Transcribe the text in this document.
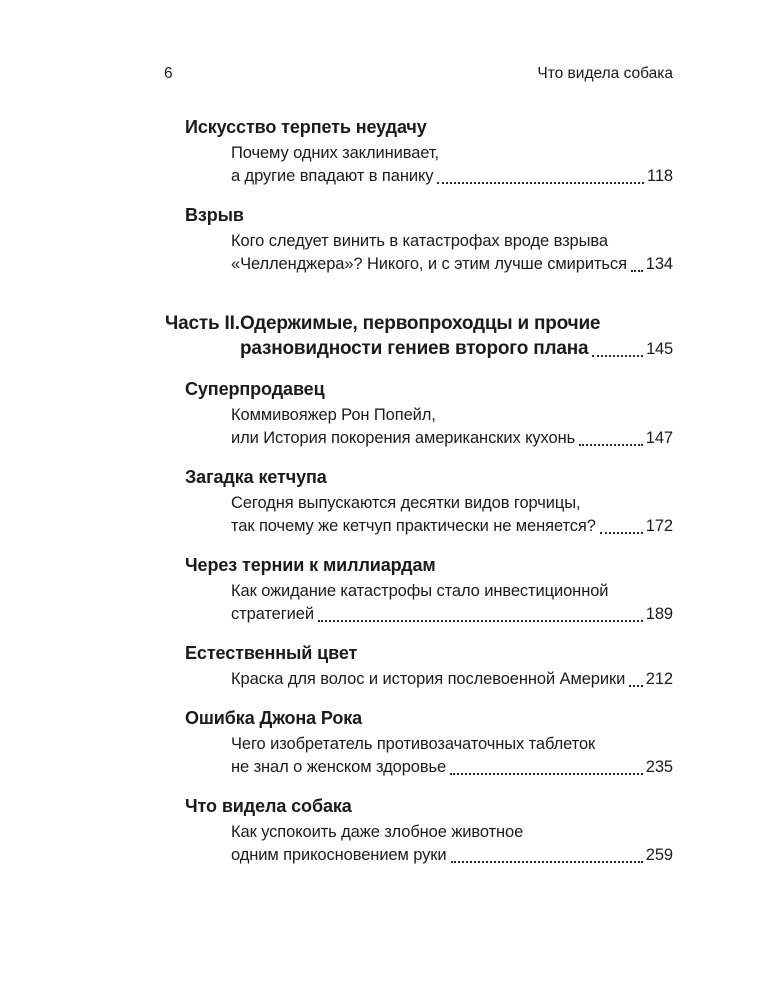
6	Что видела собака
Искусство терпеть неудачу
Почему одних заклинивает,
а другие впадают в панику	118
Взрыв
Кого следует винить в катастрофах вроде взрыва
«Челленджера»? Никого, и с этим лучше смириться 134
Часть II. Одержимые, первопроходцы и прочие
разновидности гениев второго плана	145
Суперпродавец
Коммивояжер Рон Попейл,
или История покорения американских кухонь	147
Загадка кетчупа
Сегодня выпускаются десятки видов горчицы,
так почему же кетчуп практически не меняется?	172
Через тернии к миллиардам
Как ожидание катастрофы стало инвестиционной
стратегией	189
Естественный цвет
Краска для волос и история послевоенной Америки 212
Ошибка Джона Рока
Чего изобретатель противозачаточных таблеток
не знал о женском здоровье	235
Что видела собака
Как успокоить даже злобное животное
одним прикосновением руки	259
